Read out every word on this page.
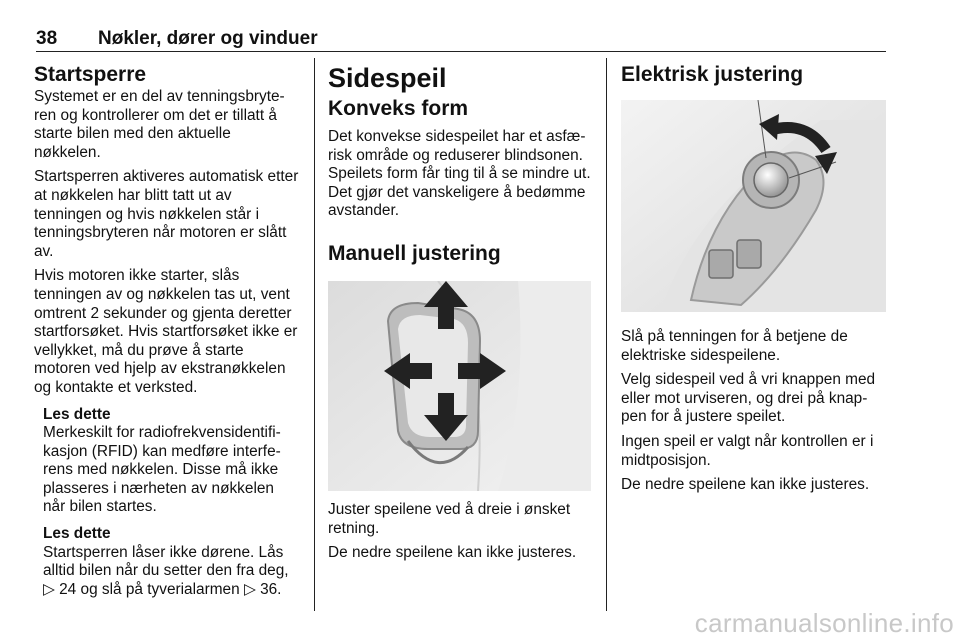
38 Nøkler, dører og vinduer
Startsperre

Systemet er en del av tenningsbryte-ren og kontrollerer om det er tillatt å starte bilen med den aktuelle nøkkelen.

Startsperren aktiveres automatisk etter at nøkkelen har blitt tatt ut av tenningen og hvis nøkkelen står i tenningsbryteren når motoren er slått av.

Hvis motoren ikke starter, slås tenningen av og nøkkelen tas ut, vent omtrent 2 sekunder og gjenta deretter startforsøket. Hvis startforsøket ikke er vellykket, må du prøve å starte motoren ved hjelp av ekstranøkkelen og kontakte et verksted.

Les dette

Merkeskilt for radiofrekvensidentifi-kasjon (RFID) kan medføre interfe-rens med nøkkelen. Disse må ikke plasseres i nærheten av nøkkelen når bilen startes.

Les dette

Startsperren låser ikke dørene. Lås alltid bilen når du setter den fra deg,
▷ 24 og slå på tyverialarmen ▷ 36.

Sidespeil
Konveks form

Det konvekse sidespeilet har et asfæ-risk område og reduserer blindsonen. Speilets form får ting til å se mindre ut. Det gjør det vanskeligere å bedømme avstander.

Manuell justering

Juster speilene ved å dreie i ønsket retning.

De nedre speilene kan ikke justeres.

Elektrisk justering

Slå på tenningen for å betjene de elektriske sidespeilene.

Velg sidespeil ved å vri knappen med eller mot urviseren, og drei på knap-pen for å justere speilet.

Ingen speil er valgt når kontrollen er i midtposisjon.

De nedre speilene kan ikke justeres.

carmanualsonline.info
